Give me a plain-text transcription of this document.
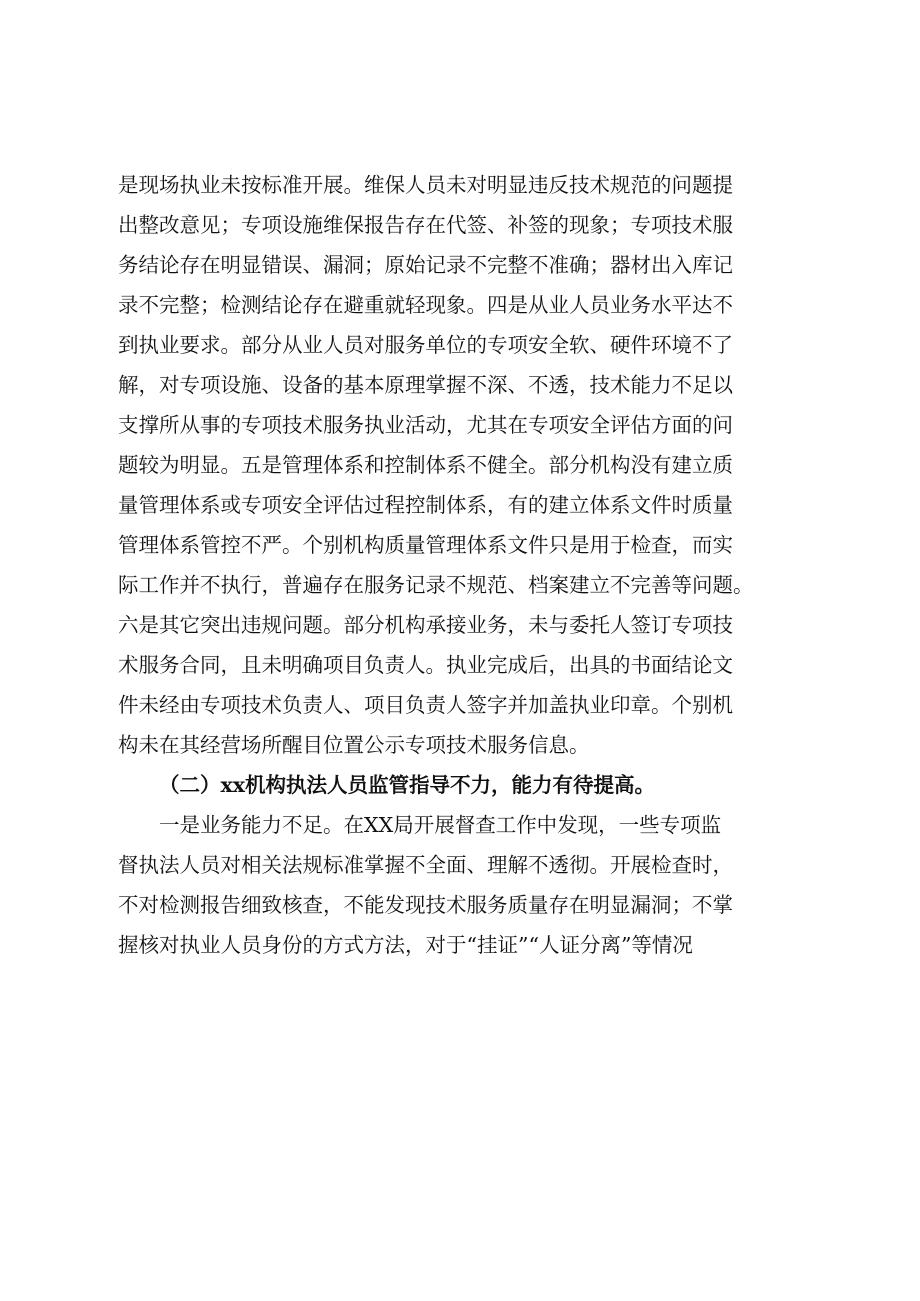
是现场执业未按标准开展。维保人员未对明显违反技术规范的问题提
出整改意见；专项设施维保报告存在代签、补签的现象；专项技术服
务结论存在明显错误、漏洞；原始记录不完整不准确；器材出入库记
录不完整；检测结论存在避重就轻现象。四是从业人员业务水平达不
到执业要求。部分从业人员对服务单位的专项安全软、硬件环境不了
解，对专项设施、设备的基本原理掌握不深、不透，技术能力不足以
支撑所从事的专项技术服务执业活动，尤其在专项安全评估方面的问
题较为明显。五是管理体系和控制体系不健全。部分机构没有建立质
量管理体系或专项安全评估过程控制体系，有的建立体系文件时质量
管理体系管控不严。个别机构质量管理体系文件只是用于检查，而实
际工作并不执行，普遍存在服务记录不规范、档案建立不完善等问题。
六是其它突出违规问题。部分机构承接业务，未与委托人签订专项技
术服务合同，且未明确项目负责人。执业完成后，出具的书面结论文
件未经由专项技术负责人、项目负责人签字并加盖执业印章。个别机
构未在其经营场所醒目位置公示专项技术服务信息。
（二）xx机构执法人员监管指导不力，能力有待提高。
一是业务能力不足。在XX局开展督查工作中发现，一些专项监
督执法人员对相关法规标准掌握不全面、理解不透彻。开展检查时，
不对检测报告细致核查，不能发现技术服务质量存在明显漏洞；不掌
握核对执业人员身份的方式方法，对于“挂证”“人证分离”等情况
